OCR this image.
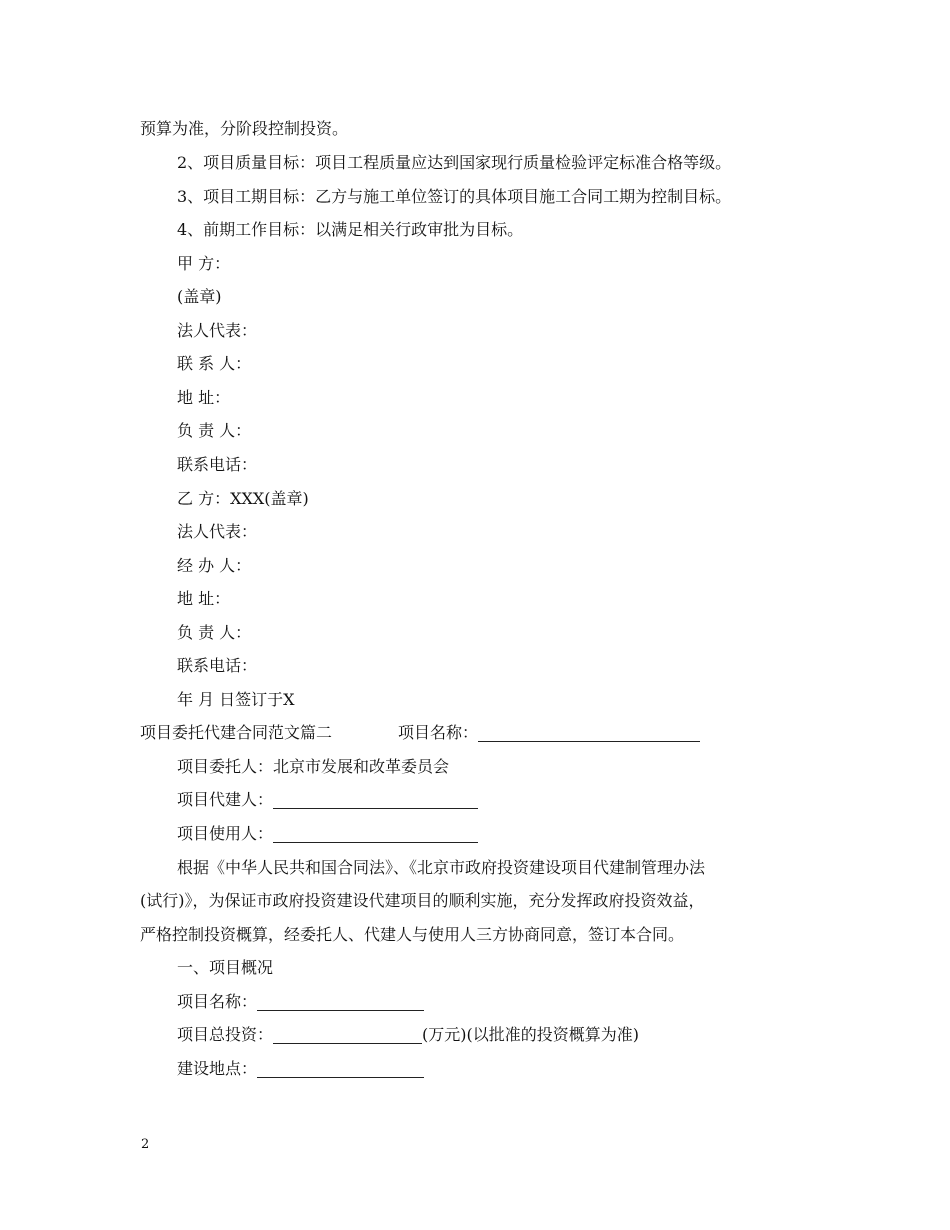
预算为准，分阶段控制投资。
2、项目质量目标：项目工程质量应达到国家现行质量检验评定标准合格等级。
3、项目工期目标：乙方与施工单位签订的具体项目施工合同工期为控制目标。
4、前期工作目标：以满足相关行政审批为目标。
甲 方：
(盖章)
法人代表：
联 系 人：
地 址：
负 责 人：
联系电话：
乙 方：XXX(盖章)
法人代表：
经 办 人：
地 址：
负 责 人：
联系电话：
年 月 日签订于X
项目委托代建合同范文篇二	项目名称：
项目委托人：北京市发展和改革委员会
项目代建人：
项目使用人：
根据《中华人民共和国合同法》、《北京市政府投资建设项目代建制管理办法
(试行)》，为保证市政府投资建设代建项目的顺利实施，充分发挥政府投资效益，
严格控制投资概算，经委托人、代建人与使用人三方协商同意，签订本合同。
一、项目概况
项目名称：
项目总投资：	(万元)(以批准的投资概算为准)
建设地点：
2
